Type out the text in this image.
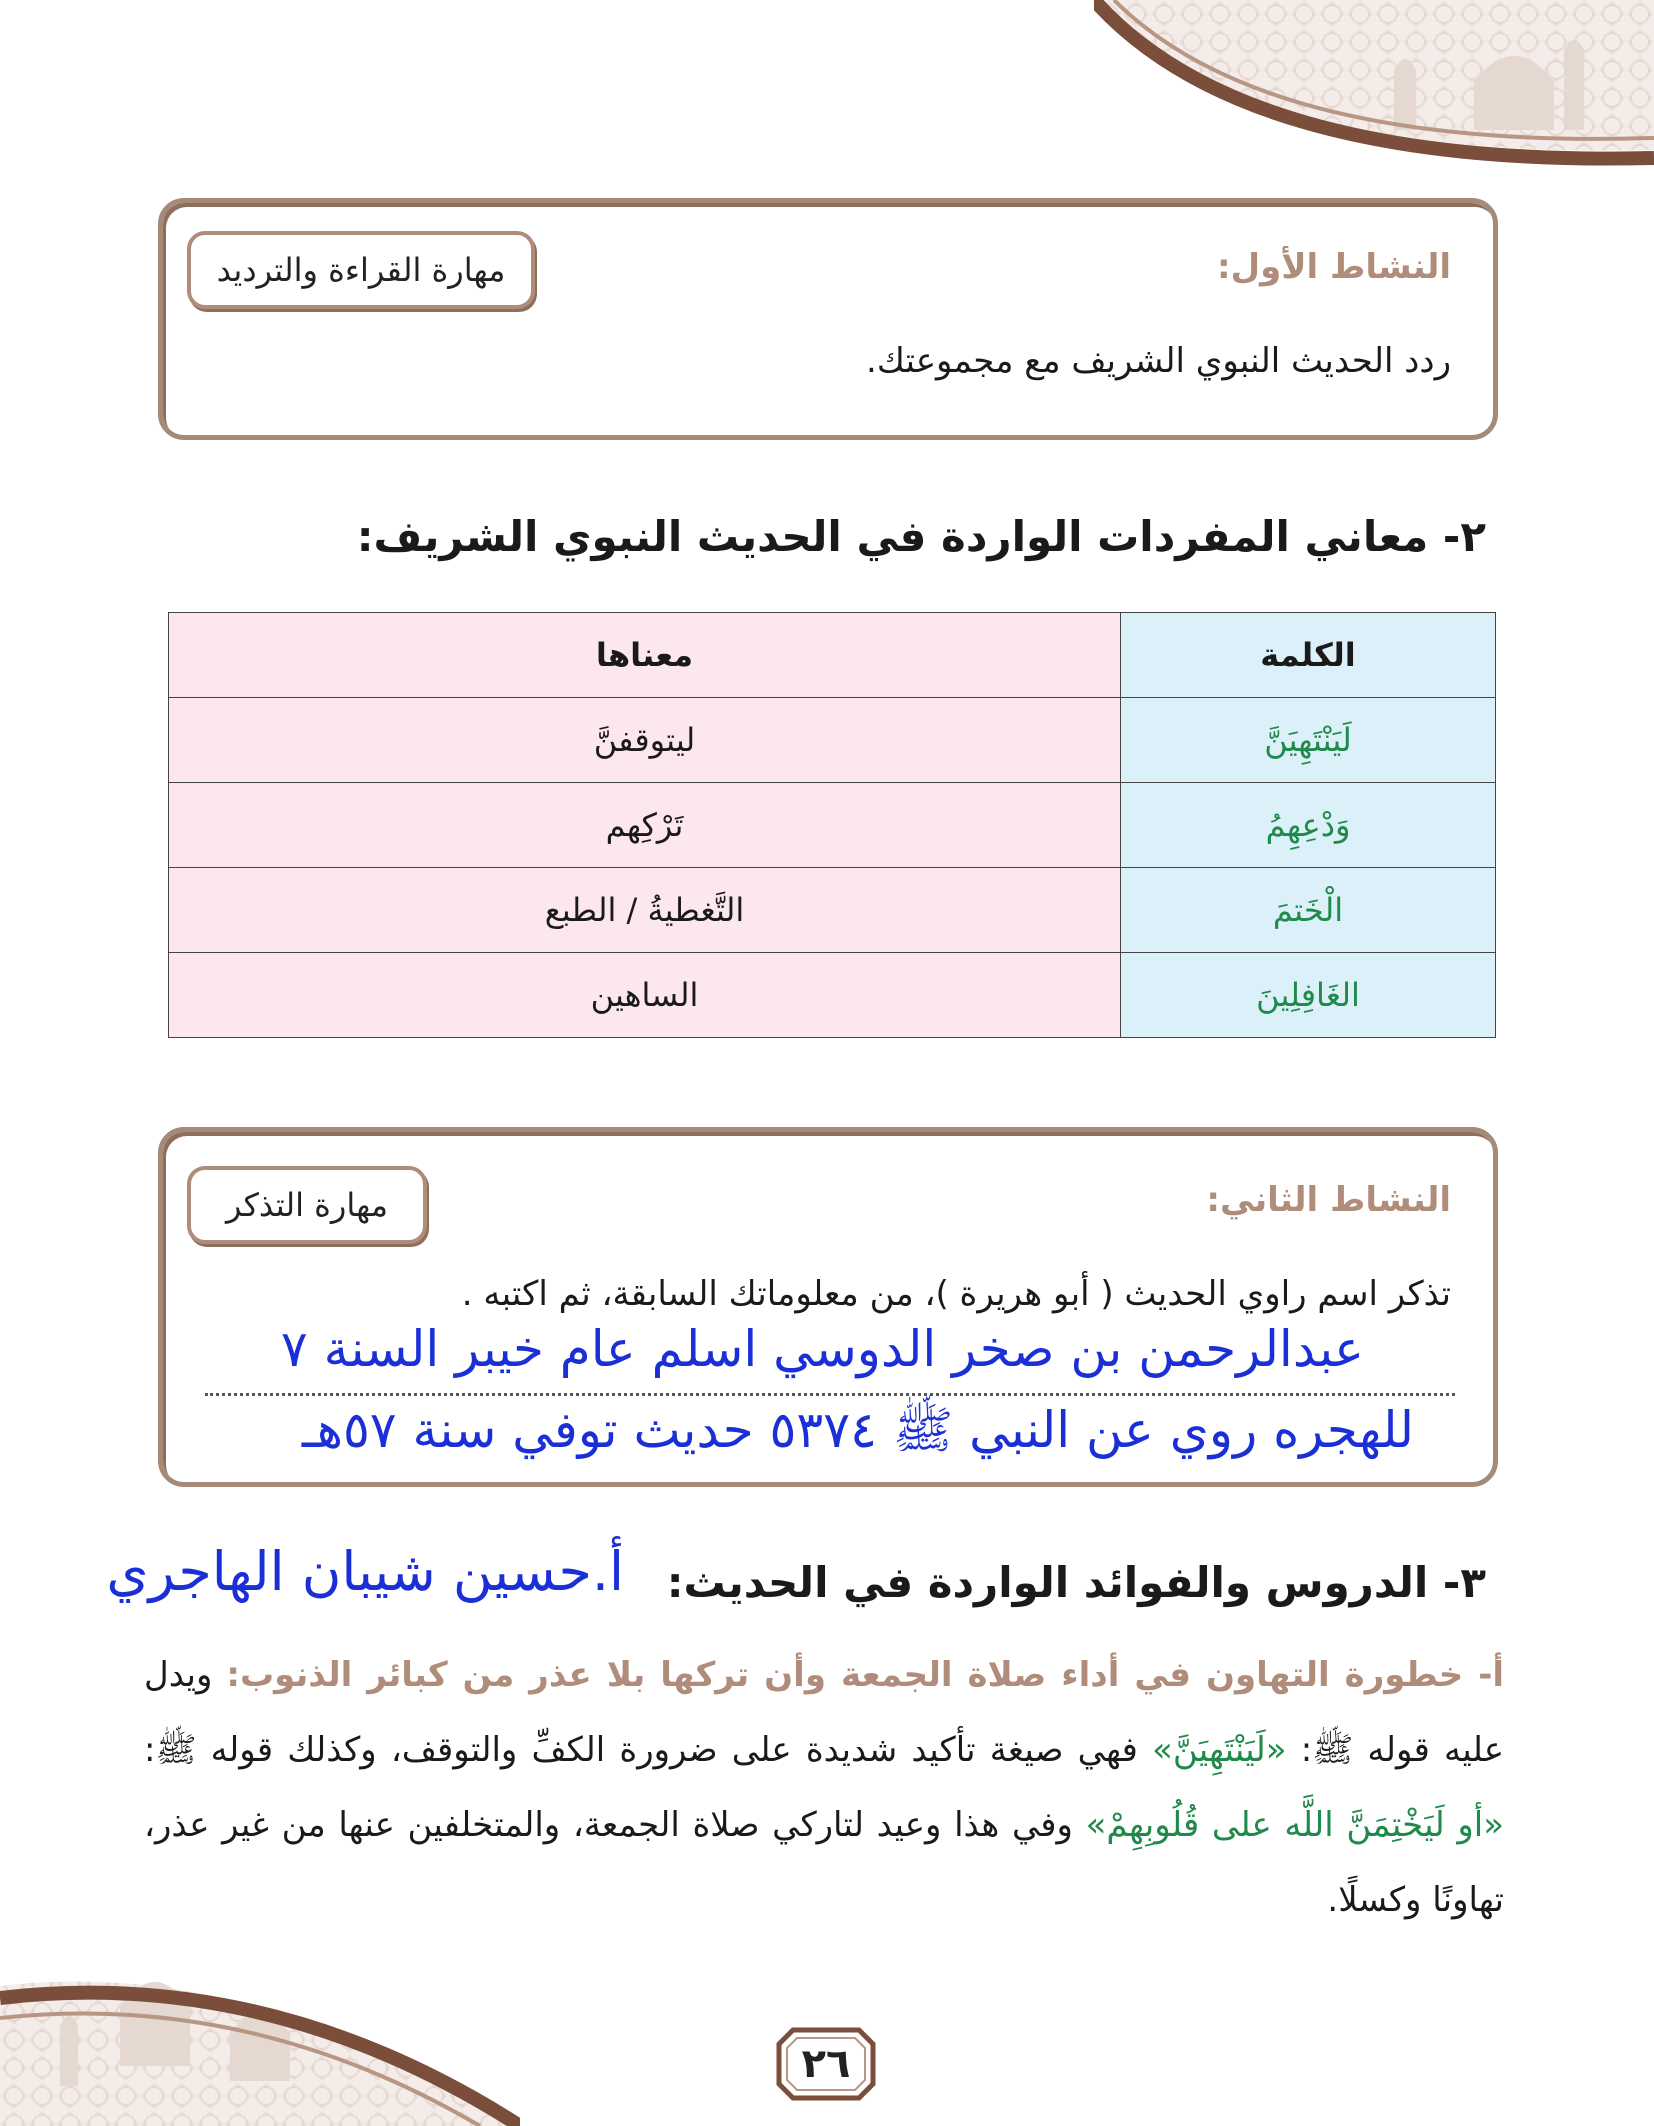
النشاط الأول:
مهارة القراءة والترديد
ردد الحديث النبوي الشريف مع مجموعتك.
٢- معاني المفردات الواردة في الحديث النبوي الشريف:
الكلمة	معناها
لَيَنْتَهِيَنَّ	ليتوقفنَّ
وَدْعِهِمُ	تَرْكِهم
الْخَتمَ	التَّغطيةُ / الطبع
الغَافِلِينَ	الساهين
النشاط الثاني:
مهارة التذكر
تذكر اسم راوي الحديث ( أبو هريرة )، من معلوماتك السابقة، ثم اكتبه .
عبدالرحمن بن صخر الدوسي اسلم عام خيبر السنة ٧
للهجره روي عن النبي ﷺ ٥٣٧٤ حديث توفي سنة ٥٧هـ
٣- الدروس والفوائد الواردة في الحديث:
أ.حسين شيبان الهاجري
أ- خطورة التهاون في أداء صلاة الجمعة وأن تركها بلا عذر من كبائر الذنوب: ويدل عليه قوله ﷺ: «لَيَنْتَهِيَنَّ» فهي صيغة تأكيد شديدة على ضرورة الكفِّ والتوقف، وكذلك قوله ﷺ: «أو لَيَخْتِمَنَّ اللَّه على قُلُوبِهِمْ» وفي هذا وعيد لتاركي صلاة الجمعة، والمتخلفين عنها من غير عذر، تهاونًا وكسلًا.
٢٦
